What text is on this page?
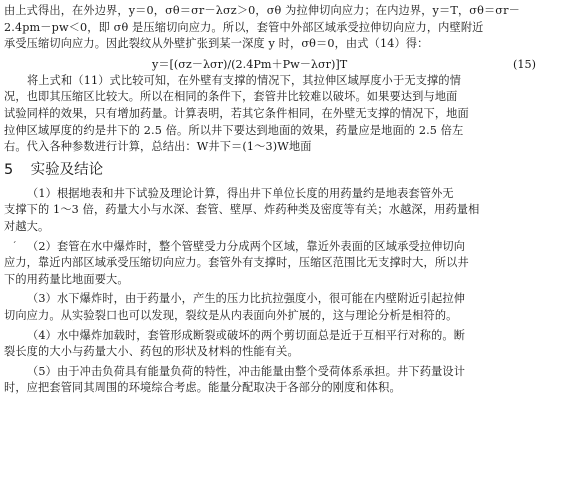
由上式得出，在外边界，y＝0，σθ＝σr－λσz＞0，σθ 为拉伸切向应力；在内边界，y＝T，σθ＝σr－
2.4pm－pw＜0，即 σθ 是压缩切向应力。所以，套管中外部区域承受拉伸切向应力，内壁附近
承受压缩切向应力。因此裂纹从外壁扩张到某一深度 y 时，σθ＝0，由式（14）得：
y＝[(σz－λσr)/(2.4Pm＋Pw－λσr)]T	(15)
将上式和（11）式比较可知，在外壁有支撑的情况下，其拉伸区域厚度小于无支撑的情
况，也即其压缩区比较大。所以在相同的条件下，套管井比较难以破坏。如果要达到与地面
试验同样的效果，只有增加药量。计算表明，若其它条件相同，在外壁无支撑的情况下，地面
拉伸区域厚度的约是井下的 2.5 倍。所以井下要达到地面的效果，药量应是地面的 2.5 倍左
右。代入各种参数进行计算，总结出：W井下＝(1～3)W地面
5 实验及结论
（1）根据地表和井下试验及理论计算，得出井下单位长度的用药量约是地表套管外无
支撑下的 1～3 倍，药量大小与水深、套管、壁厚、炸药种类及密度等有关；水越深，用药量相
对越大。
ˊ （2）套管在水中爆炸时，整个管壁受力分成两个区域，靠近外表面的区域承受拉伸切向
应力，靠近内部区域承受压缩切向应力。套管外有支撑时，压缩区范围比无支撑时大，所以井
下的用药量比地面要大。
（3）水下爆炸时，由于药量小，产生的压力比抗拉强度小，很可能在内壁附近引起拉伸
切向应力。从实验裂口也可以发现，裂纹是从内表面向外扩展的，这与理论分析是相符的。
（4）水中爆炸加载时，套管形成断裂或破坏的两个剪切面总是近于互相平行对称的。断
裂长度的大小与药量大小、药包的形状及材料的性能有关。
（5）由于冲击负荷具有能量负荷的特性，冲击能量由整个受荷体系承担。井下药量设计
时，应把套管同其周围的环境综合考虑。能量分配取决于各部分的刚度和体积。
